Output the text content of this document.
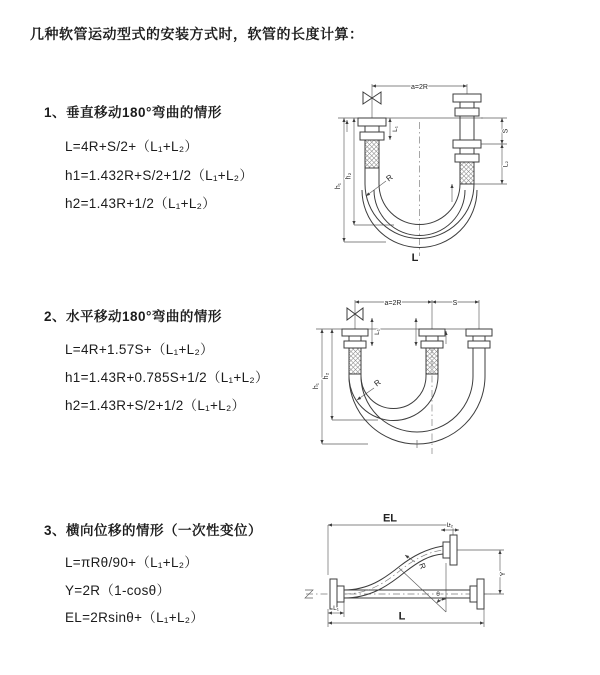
几种软管运动型式的安装方式时，软管的长度计算：
1、垂直移动180°弯曲的情形
L=4R+S/2+（L₁+L₂）
h1=1.432R+S/2+1/2（L₁+L₂）
h2=1.43R+1/2（L₁+L₂）
2、水平移动180°弯曲的情形
L=4R+1.57S+（L₁+L₂）
h1=1.43R+0.785S+1/2（L₁+L₂）
h2=1.43R+S/2+1/2（L₁+L₂）
3、横向位移的情形（一次性变位）
L=πRθ/90+（L₁+L₂）
Y=2R（1-cosθ）
EL=2Rsinθ+（L₁+L₂）
a=2R
h₁
h₂
L₁	S
L₂
R
L
a=2R	S
h₁
h₂
L₁
R
EL
L₂
Y
R
θ
L
L₁
